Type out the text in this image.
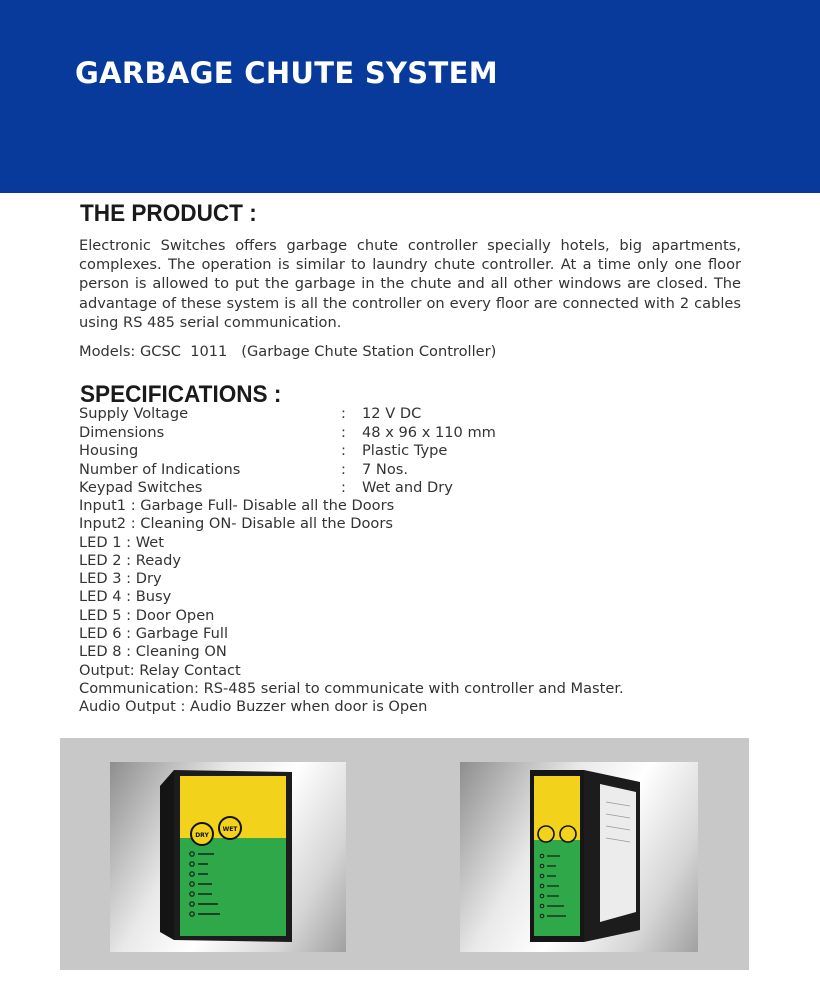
GARBAGE CHUTE SYSTEM
THE PRODUCT :

Electronic Switches offers garbage chute controller specially hotels, big apartments, complexes. The operation is similar to laundry chute controller. At a time only one floor person is allowed to put the garbage in the chute and all other windows are closed. The advantage of these system is all the controller on every floor are connected with 2 cables using RS 485 serial communication.

Models: GCSC  1011   (Garbage Chute Station Controller)

SPECIFICATIONS :
Supply Voltage	: 12 V DC
Dimensions	: 48 x 96 x 110 mm
Housing	: Plastic Type
Number of Indications	: 7 Nos.
Keypad Switches	: Wet and Dry
Input1 : Garbage Full- Disable all the Doors
Input2 : Cleaning ON- Disable all the Doors
LED 1 : Wet
LED 2 : Ready
LED 3 : Dry
LED 4 : Busy
LED 5 : Door Open
LED 6 : Garbage Full
LED 8 : Cleaning ON
Output: Relay Contact
Communication: RS-485 serial to communicate with controller and Master.
Audio Output : Audio Buzzer when door is Open
DRY
WET
